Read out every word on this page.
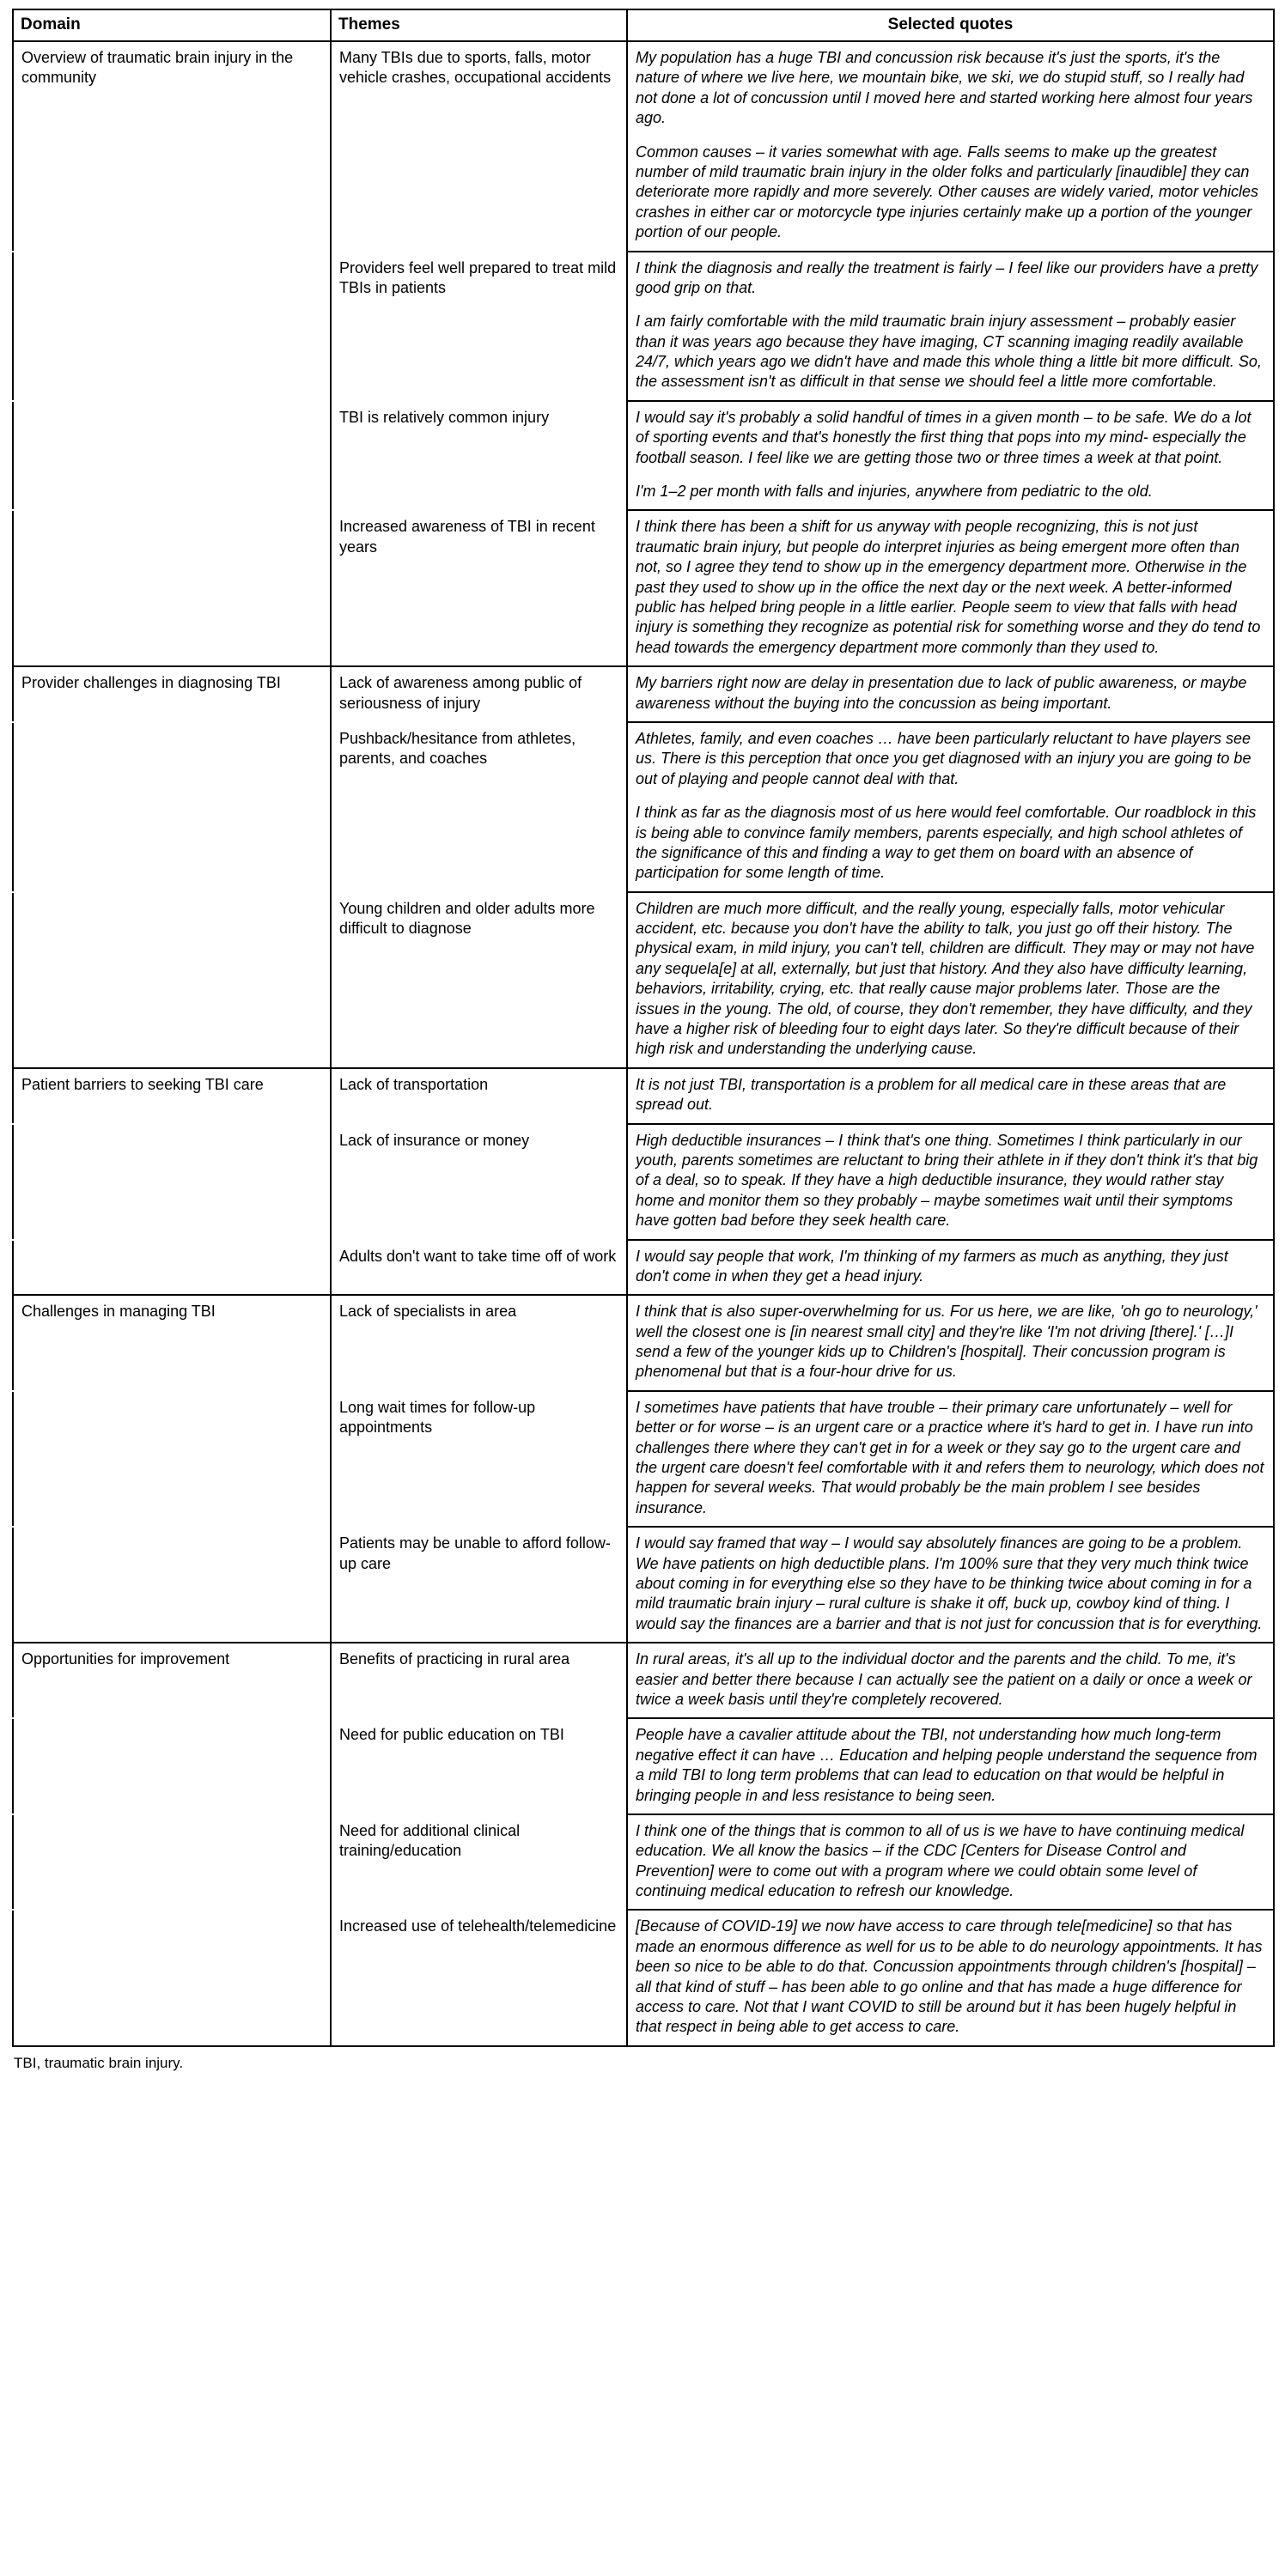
Domain	Themes	Selected quotes
Overview of traumatic brain injury in the community	Many TBIs due to sports, falls, motor vehicle crashes, occupational accidents	My population has a huge TBI and concussion risk because it's just the sports, it's the nature of where we live here, we mountain bike, we ski, we do stupid stuff, so I really had not done a lot of concussion until I moved here and started working here almost four years ago.

Common causes – it varies somewhat with age. Falls seems to make up the greatest number of mild traumatic brain injury in the older folks and particularly [inaudible] they can deteriorate more rapidly and more severely. Other causes are widely varied, motor vehicles crashes in either car or motorcycle type injuries certainly make up a portion of the younger portion of our people.

	Providers feel well prepared to treat mild TBIs in patients	I think the diagnosis and really the treatment is fairly – I feel like our providers have a pretty good grip on that.

I am fairly comfortable with the mild traumatic brain injury assessment – probably easier than it was years ago because they have imaging, CT scanning imaging readily available 24/7, which years ago we didn't have and made this whole thing a little bit more difficult. So, the assessment isn't as difficult in that sense we should feel a little more comfortable.

	TBI is relatively common injury	I would say it's probably a solid handful of times in a given month – to be safe. We do a lot of sporting events and that's honestly the first thing that pops into my mind- especially the football season. I feel like we are getting those two or three times a week at that point.

I'm 1–2 per month with falls and injuries, anywhere from pediatric to the old.

	Increased awareness of TBI in recent years	I think there has been a shift for us anyway with people recognizing, this is not just traumatic brain injury, but people do interpret injuries as being emergent more often than not, so I agree they tend to show up in the emergency department more. Otherwise in the past they used to show up in the office the next day or the next week. A better-informed public has helped bring people in a little earlier. People seem to view that falls with head injury is something they recognize as potential risk for something worse and they do tend to head towards the emergency department more commonly than they used to.

Provider challenges in diagnosing TBI	Lack of awareness among public of seriousness of injury	My barriers right now are delay in presentation due to lack of public awareness, or maybe awareness without the buying into the concussion as being important.

	Pushback/hesitance from athletes, parents, and coaches	Athletes, family, and even coaches … have been particularly reluctant to have players see us. There is this perception that once you get diagnosed with an injury you are going to be out of playing and people cannot deal with that.

I think as far as the diagnosis most of us here would feel comfortable. Our roadblock in this is being able to convince family members, parents especially, and high school athletes of the significance of this and finding a way to get them on board with an absence of participation for some length of time.

	Young children and older adults more difficult to diagnose	Children are much more difficult, and the really young, especially falls, motor vehicular accident, etc. because you don't have the ability to talk, you just go off their history. The physical exam, in mild injury, you can't tell, children are difficult. They may or may not have any sequela[e] at all, externally, but just that history. And they also have difficulty learning, behaviors, irritability, crying, etc. that really cause major problems later. Those are the issues in the young. The old, of course, they don't remember, they have difficulty, and they have a higher risk of bleeding four to eight days later. So they're difficult because of their high risk and understanding the underlying cause.

Patient barriers to seeking TBI care	Lack of transportation	It is not just TBI, transportation is a problem for all medical care in these areas that are spread out.

	Lack of insurance or money	High deductible insurances – I think that's one thing. Sometimes I think particularly in our youth, parents sometimes are reluctant to bring their athlete in if they don't think it's that big of a deal, so to speak. If they have a high deductible insurance, they would rather stay home and monitor them so they probably – maybe sometimes wait until their symptoms have gotten bad before they seek health care.

	Adults don't want to take time off of work	I would say people that work, I'm thinking of my farmers as much as anything, they just don't come in when they get a head injury.

Challenges in managing TBI	Lack of specialists in area	I think that is also super-overwhelming for us. For us here, we are like, 'oh go to neurology,' well the closest one is [in nearest small city] and they're like 'I'm not driving [there].' […]I send a few of the younger kids up to Children's [hospital]. Their concussion program is phenomenal but that is a four-hour drive for us.

	Long wait times for follow-up appointments	I sometimes have patients that have trouble – their primary care unfortunately – well for better or for worse – is an urgent care or a practice where it's hard to get in. I have run into challenges there where they can't get in for a week or they say go to the urgent care and the urgent care doesn't feel comfortable with it and refers them to neurology, which does not happen for several weeks. That would probably be the main problem I see besides insurance.

	Patients may be unable to afford follow-up care	I would say framed that way – I would say absolutely finances are going to be a problem. We have patients on high deductible plans. I'm 100% sure that they very much think twice about coming in for everything else so they have to be thinking twice about coming in for a mild traumatic brain injury – rural culture is shake it off, buck up, cowboy kind of thing. I would say the finances are a barrier and that is not just for concussion that is for everything.

Opportunities for improvement	Benefits of practicing in rural area	In rural areas, it's all up to the individual doctor and the parents and the child. To me, it's easier and better there because I can actually see the patient on a daily or once a week or twice a week basis until they're completely recovered.

	Need for public education on TBI	People have a cavalier attitude about the TBI, not understanding how much long-term negative effect it can have … Education and helping people understand the sequence from a mild TBI to long term problems that can lead to education on that would be helpful in bringing people in and less resistance to being seen.

	Need for additional clinical training/education	I think one of the things that is common to all of us is we have to have continuing medical education. We all know the basics – if the CDC [Centers for Disease Control and Prevention] were to come out with a program where we could obtain some level of continuing medical education to refresh our knowledge.

	Increased use of telehealth/telemedicine	[Because of COVID-19] we now have access to care through tele[medicine] so that has made an enormous difference as well for us to be able to do neurology appointments. It has been so nice to be able to do that. Concussion appointments through children's [hospital] – all that kind of stuff – has been able to go online and that has made a huge difference for access to care. Not that I want COVID to still be around but it has been hugely helpful in that respect in being able to get access to care.

TBI, traumatic brain injury.
